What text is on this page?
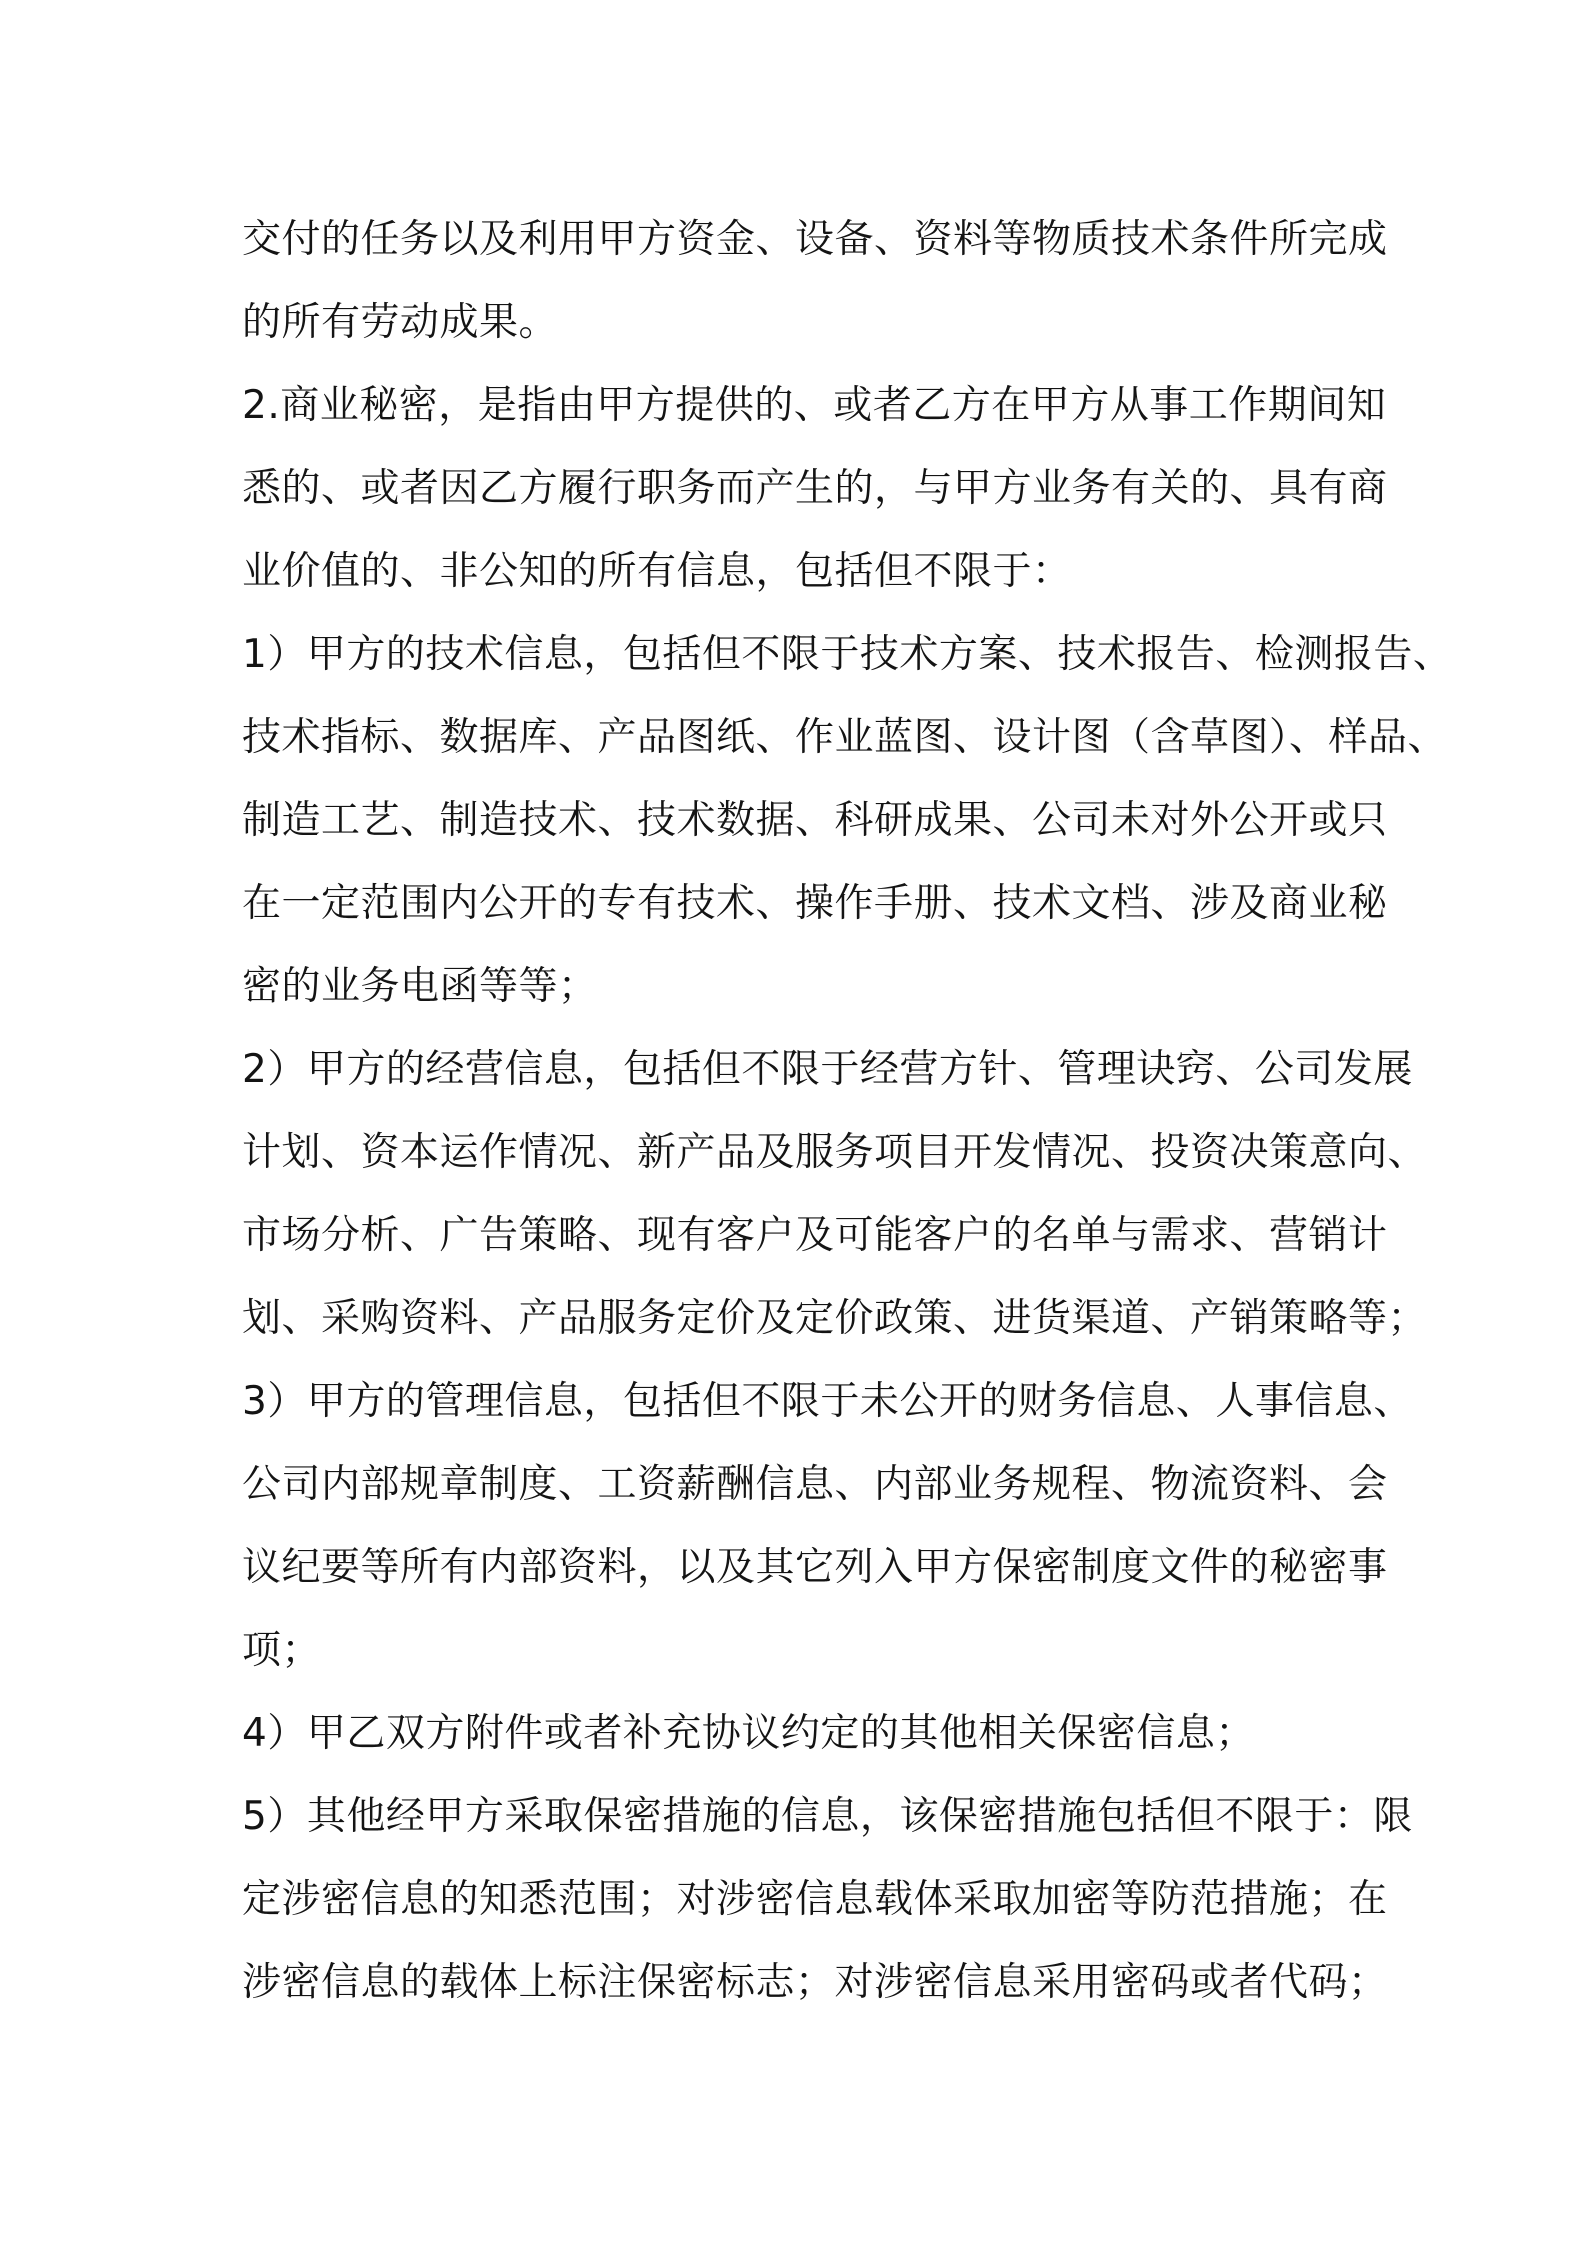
交付的任务以及利用甲方资金、设备、资料等物质技术条件所完成
的所有劳动成果。
2.商业秘密，是指由甲方提供的、或者乙方在甲方从事工作期间知
悉的、或者因乙方履行职务而产生的，与甲方业务有关的、具有商
业价值的、非公知的所有信息，包括但不限于：
1）甲方的技术信息，包括但不限于技术方案、技术报告、检测报告、
技术指标、数据库、产品图纸、作业蓝图、设计图（含草图）、样品、
制造工艺、制造技术、技术数据、科研成果、公司未对外公开或只
在一定范围内公开的专有技术、操作手册、技术文档、涉及商业秘
密的业务电函等等；
2）甲方的经营信息，包括但不限于经营方针、管理诀窍、公司发展
计划、资本运作情况、新产品及服务项目开发情况、投资决策意向、
市场分析、广告策略、现有客户及可能客户的名单与需求、营销计
划、采购资料、产品服务定价及定价政策、进货渠道、产销策略等；
3）甲方的管理信息，包括但不限于未公开的财务信息、人事信息、
公司内部规章制度、工资薪酬信息、内部业务规程、物流资料、会
议纪要等所有内部资料，以及其它列入甲方保密制度文件的秘密事
项；
4）甲乙双方附件或者补充协议约定的其他相关保密信息；
5）其他经甲方采取保密措施的信息，该保密措施包括但不限于：限
定涉密信息的知悉范围；对涉密信息载体采取加密等防范措施；在
涉密信息的载体上标注保密标志；对涉密信息采用密码或者代码；
